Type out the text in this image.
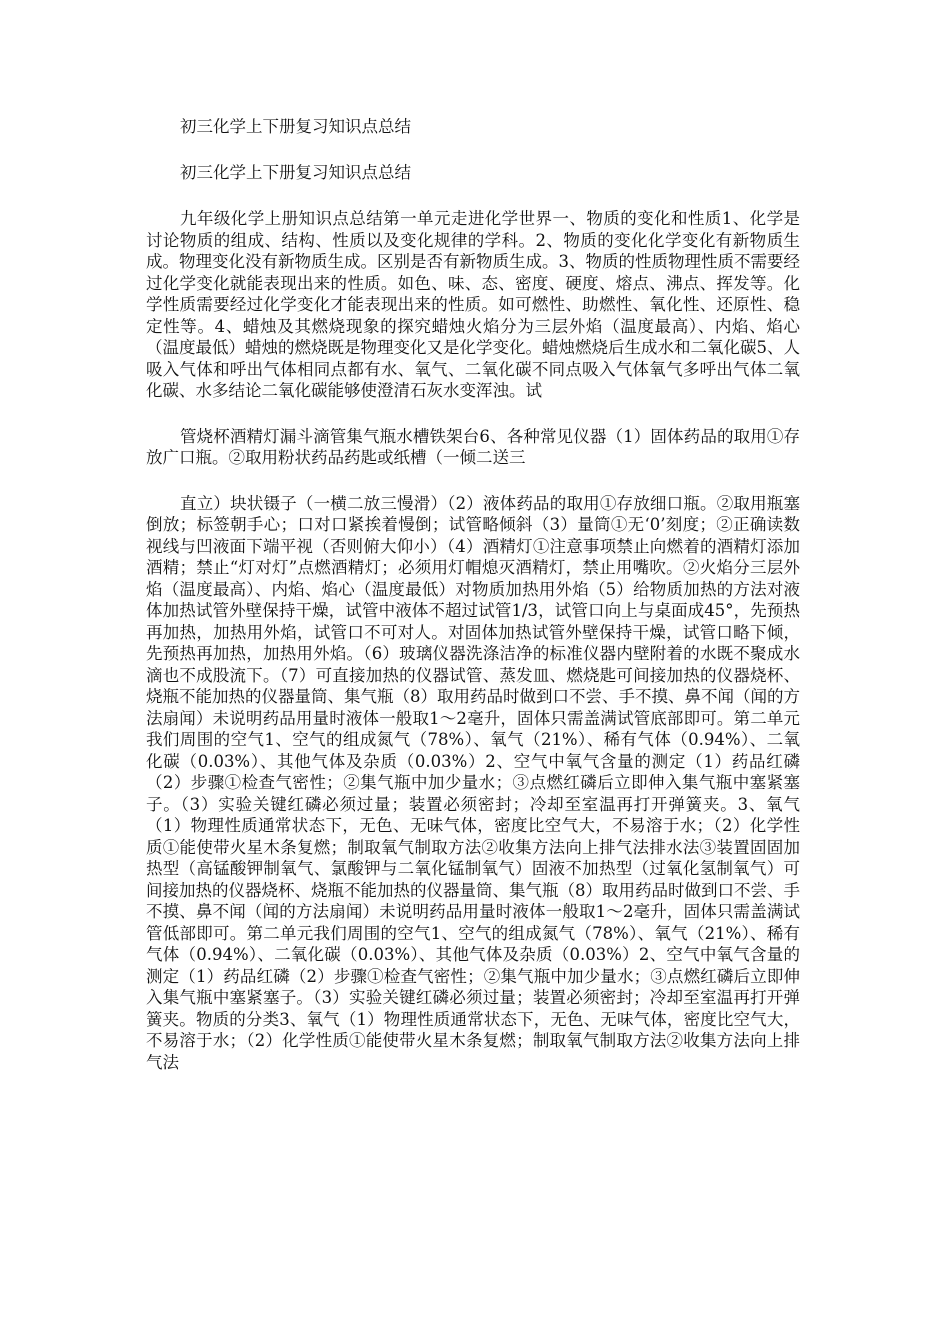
初三化学上下册复习知识点总结
初三化学上下册复习知识点总结

九年级化学上册知识点总结第一单元走进化学世界一、物质的变化和性质1、化学是讨论物质的组成、结构、性质以及变化规律的学科。2、物质的变化化学变化有新物质生成。物理变化没有新物质生成。区别是否有新物质生成。3、物质的性质物理性质不需要经过化学变化就能表现出来的性质。如色、味、态、密度、硬度、熔点、沸点、挥发等。化学性质需要经过化学变化才能表现出来的性质。如可燃性、助燃性、氧化性、还原性、稳定性等。4、蜡烛及其燃烧现象的探究蜡烛火焰分为三层外焰（温度最高）、内焰、焰心（温度最低）蜡烛的燃烧既是物理变化又是化学变化。蜡烛燃烧后生成水和二氧化碳5、人吸入气体和呼出气体相同点都有水、氧气、二氧化碳不同点吸入气体氧气多呼出气体二氧化碳、水多结论二氧化碳能够使澄清石灰水变浑浊。试

管烧杯酒精灯漏斗滴管集气瓶水槽铁架台6、各种常见仪器（1）固体药品的取用①存放广口瓶。②取用粉状药品药匙或纸槽（一倾二送三

直立）块状镊子（一横二放三慢滑）（2）液体药品的取用①存放细口瓶。②取用瓶塞倒放；标签朝手心；口对口紧挨着慢倒；试管略倾斜（3）量筒①无‘0’刻度；②正确读数视线与凹液面下端平视（否则俯大仰小）（4）酒精灯①注意事项禁止向燃着的酒精灯添加酒精；禁止“灯对灯”点燃酒精灯；必须用灯帽熄灭酒精灯，禁止用嘴吹。②火焰分三层外焰（温度最高）、内焰、焰心（温度最低）对物质加热用外焰（5）给物质加热的方法对液体加热试管外壁保持干燥，试管中液体不超过试管1/3，试管口向上与桌面成45°，先预热再加热，加热用外焰，试管口不可对人。对固体加热试管外壁保持干燥，试管口略下倾，先预热再加热，加热用外焰。（6）玻璃仪器洗涤洁净的标准仪器内壁附着的水既不聚成水滴也不成股流下。（7）可直接加热的仪器试管、蒸发皿、燃烧匙可间接加热的仪器烧杯、烧瓶不能加热的仪器量筒、集气瓶（8）取用药品时做到口不尝、手不摸、鼻不闻（闻的方法扇闻）未说明药品用量时液体一般取1～2毫升，固体只需盖满试管底部即可。第二单元我们周围的空气1、空气的组成氮气（78%）、氧气（21%）、稀有气体（0.94%）、二氧化碳（0.03%）、其他气体及杂质（0.03%）2、空气中氧气含量的测定（1）药品红磷（2）步骤①检查气密性；②集气瓶中加少量水；③点燃红磷后立即伸入集气瓶中塞紧塞子。（3）实验关键红磷必须过量；装置必须密封；冷却至室温再打开弹簧夹。3、氧气（1）物理性质通常状态下，无色、无味气体，密度比空气大，不易溶于水；（2）化学性质①能使带火星木条复燃；制取氧气制取方法②收集方法向上排气法排水法③装置固固加热型（高锰酸钾制氧气、氯酸钾与二氧化锰制氧气）固液不加热型（过氧化氢制氧气）可间接加热的仪器烧杯、烧瓶不能加热的仪器量筒、集气瓶（8）取用药品时做到口不尝、手不摸、鼻不闻（闻的方法扇闻）未说明药品用量时液体一般取1～2毫升，固体只需盖满试管低部即可。第二单元我们周围的空气1、空气的组成氮气（78%）、氧气（21%）、稀有气体（0.94%）、二氧化碳（0.03%）、其他气体及杂质（0.03%）2、空气中氧气含量的测定（1）药品红磷（2）步骤①检查气密性；②集气瓶中加少量水；③点燃红磷后立即伸入集气瓶中塞紧塞子。（3）实验关键红磷必须过量；装置必须密封；冷却至室温再打开弹簧夹。物质的分类3、氧气（1）物理性质通常状态下，无色、无味气体，密度比空气大，不易溶于水；（2）化学性质①能使带火星木条复燃；制取氧气制取方法②收集方法向上排气法
